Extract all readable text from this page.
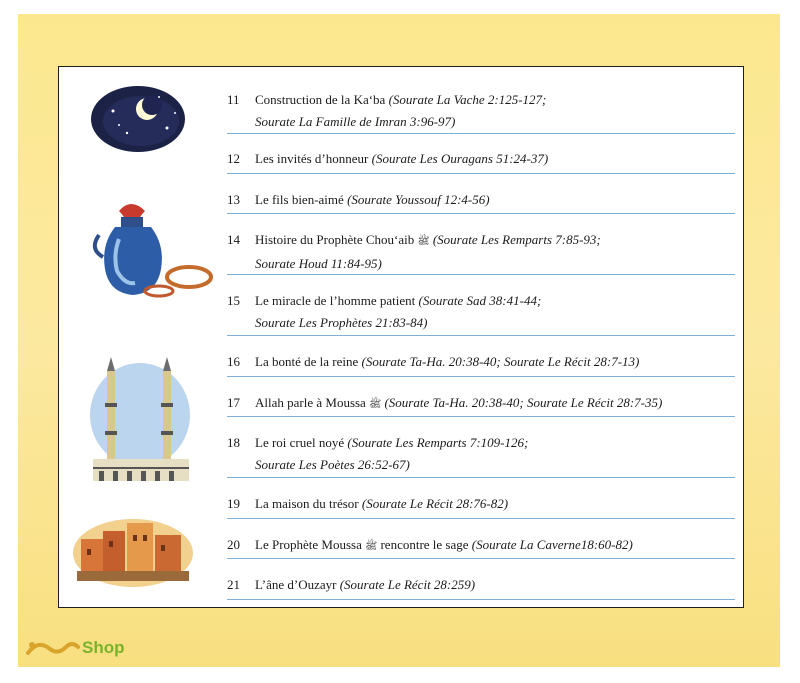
11 Construction de la Ka‘ba (Sourate La Vache 2:125-127;
Sourate La Famille de Imran 3:96-97)
12 Les invités d’honneur (Sourate Les Ouragans 51:24-37)
13 Le fils bien-aimé (Sourate Youssouf 12:4-56)
14 Histoire du Prophète Chou‘aib ﷺ (Sourate Les Remparts 7:85-93;
Sourate Houd 11:84-95)
15 Le miracle de l’homme patient (Sourate Sad 38:41-44;
Sourate Les Prophètes 21:83-84)
16 La bonté de la reine (Sourate Ta-Ha. 20:38-40; Sourate Le Récit 28:7-13)
17 Allah parle à Moussa ﷺ (Sourate Ta-Ha. 20:38-40; Sourate Le Récit 28:7-35)
18 Le roi cruel noyé (Sourate Les Remparts 7:109-126;
Sourate Les Poètes 26:52-67)
19 La maison du trésor (Sourate Le Récit 28:76-82)
20 Le Prophète Moussa ﷺ rencontre le sage (Sourate La Caverne18:60-82)
21 L’âne d’Ouzayr (Sourate Le Récit 28:259)
Shop
